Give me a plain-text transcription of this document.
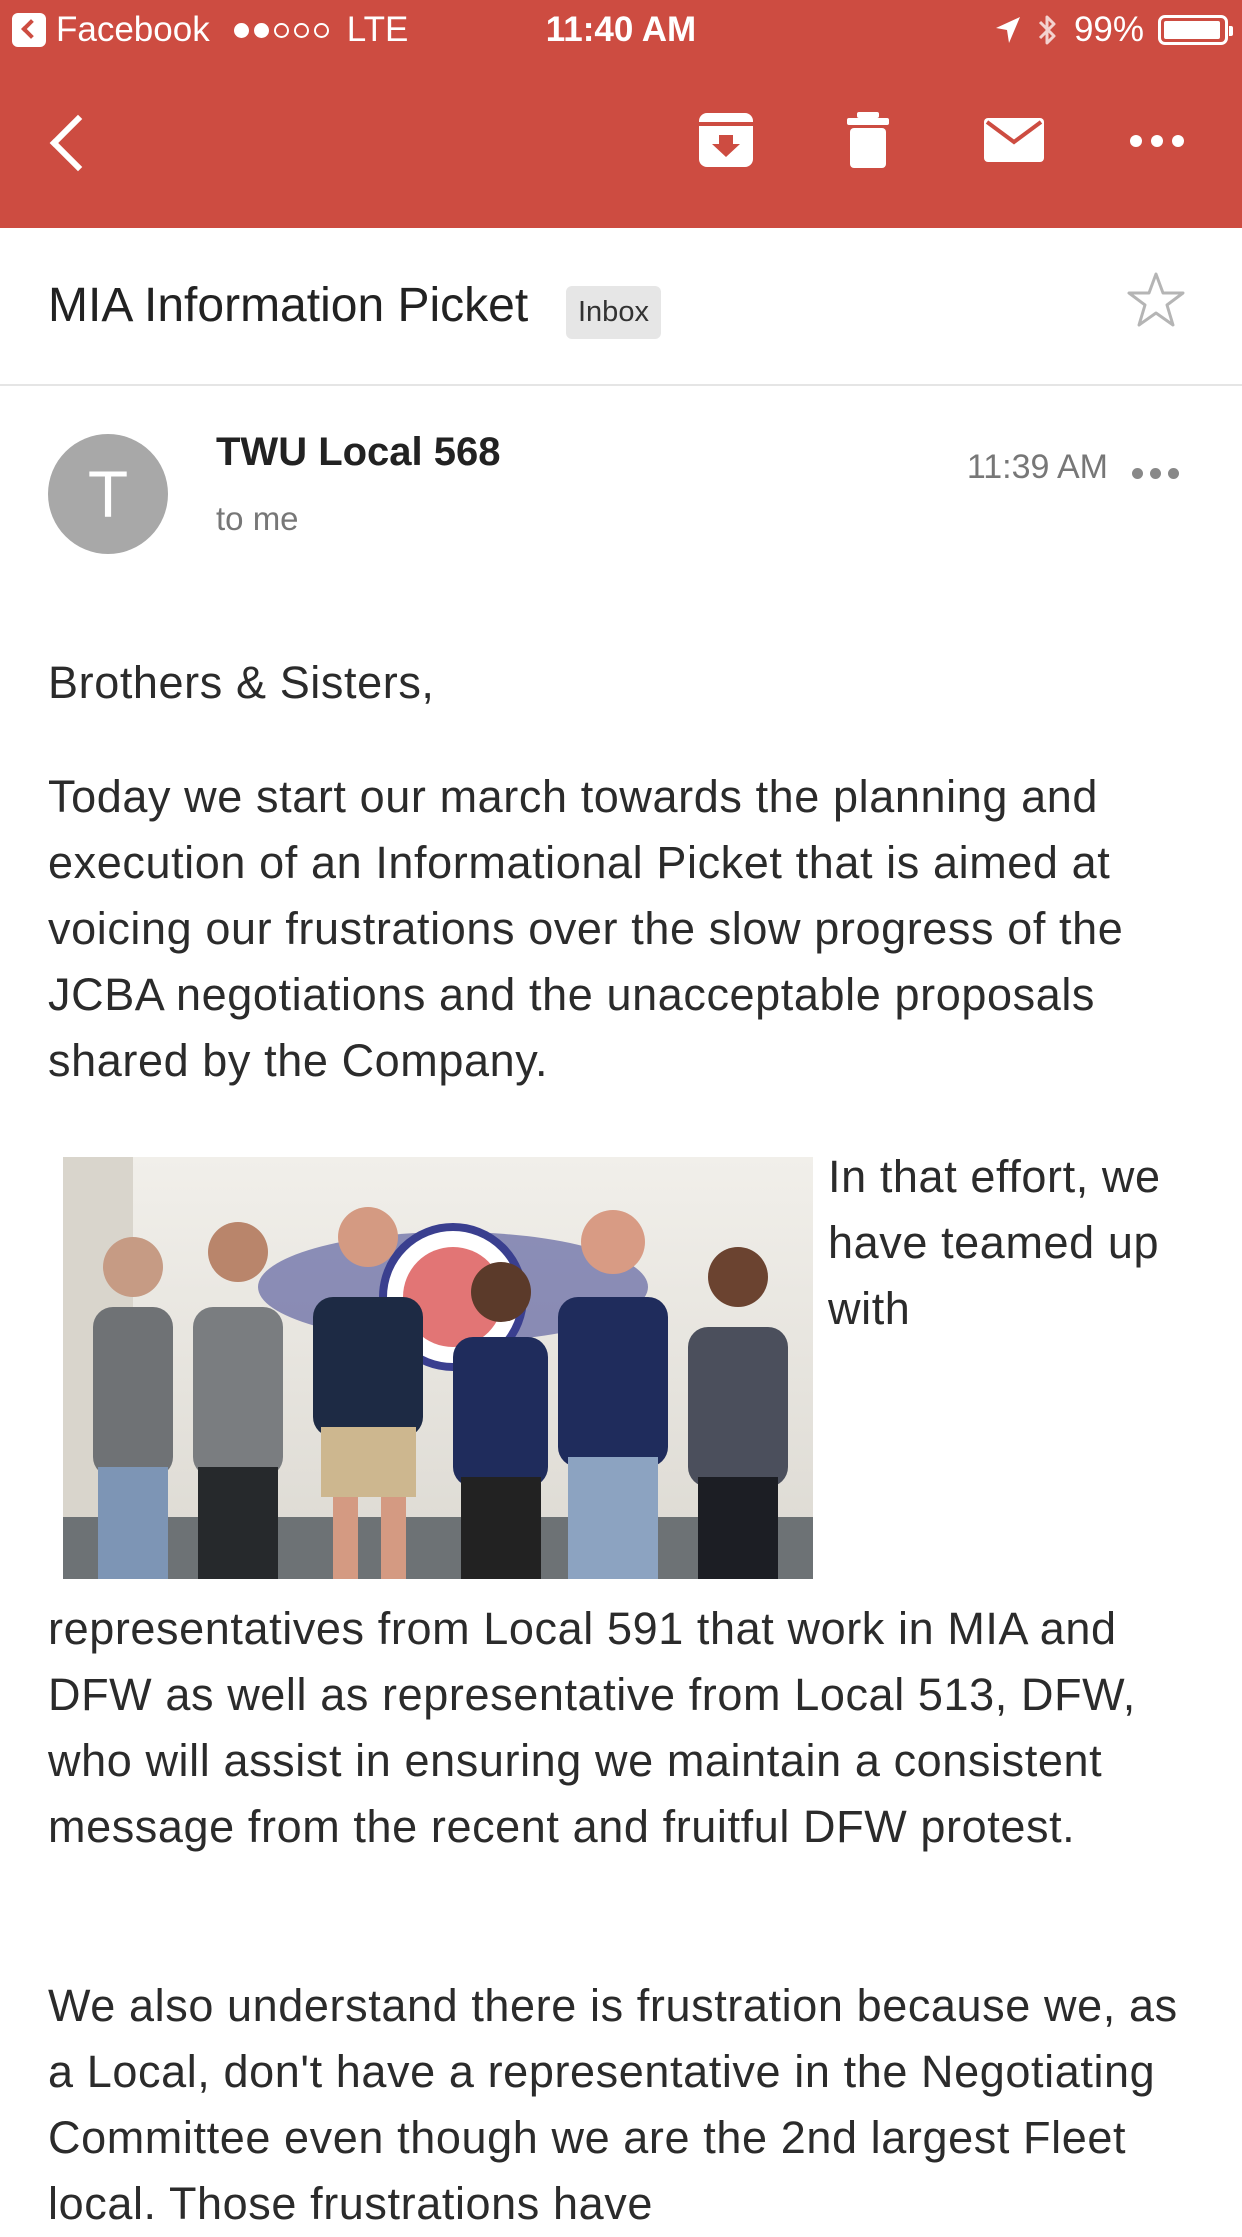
Facebook	LTE	11:40 AM	99%
MIA Information Picket	Inbox
T
TWU Local 568
to me
11:39 AM

Brothers & Sisters,

Today we start our march towards the planning and execution of an Informational Picket that is aimed at voicing our frustrations over the slow progress of the JCBA negotiations and the unacceptable proposals shared by the Company.

In that effort, we have teamed up with

representatives from Local 591 that work in MIA and DFW as well as representative from Local 513, DFW, who will assist in ensuring we maintain a consistent message from the recent and fruitful DFW protest.

We also understand there is frustration because we, as a Local, don't have a representative in the Negotiating Committee even though we are the 2nd largest Fleet local. Those frustrations have
